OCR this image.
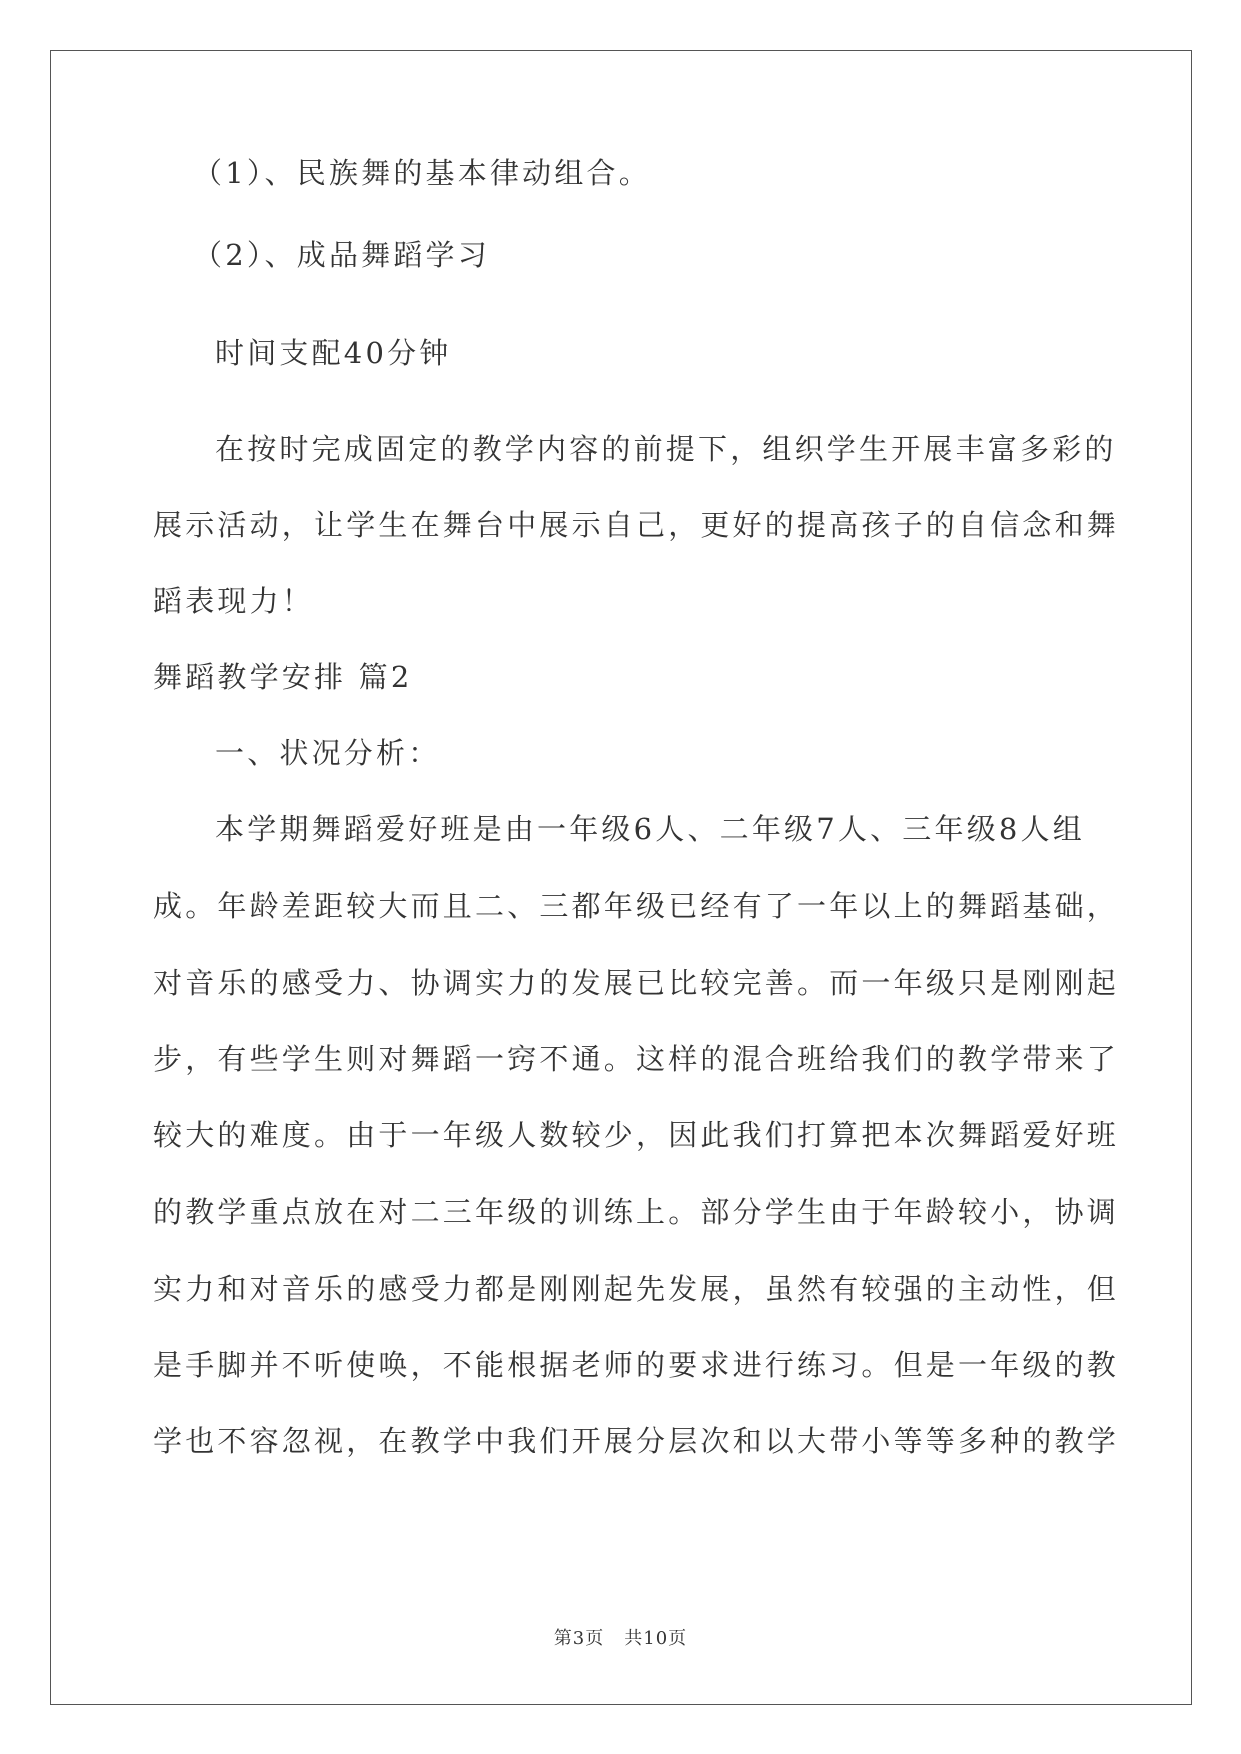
（1）、民族舞的基本律动组合。
（2）、成品舞蹈学习
时间支配40分钟
在按时完成固定的教学内容的前提下，组织学生开展丰富多彩的
展示活动，让学生在舞台中展示自己，更好的提高孩子的自信念和舞
蹈表现力！
舞蹈教学安排 篇2
一、状况分析：
本学期舞蹈爱好班是由一年级6人、二年级7人、三年级8人组
成。年龄差距较大而且二、三都年级已经有了一年以上的舞蹈基础，
对音乐的感受力、协调实力的发展已比较完善。而一年级只是刚刚起
步，有些学生则对舞蹈一窍不通。这样的混合班给我们的教学带来了
较大的难度。由于一年级人数较少，因此我们打算把本次舞蹈爱好班
的教学重点放在对二三年级的训练上。部分学生由于年龄较小，协调
实力和对音乐的感受力都是刚刚起先发展，虽然有较强的主动性，但
是手脚并不听使唤，不能根据老师的要求进行练习。但是一年级的教
学也不容忽视，在教学中我们开展分层次和以大带小等等多种的教学
第3页 共10页
